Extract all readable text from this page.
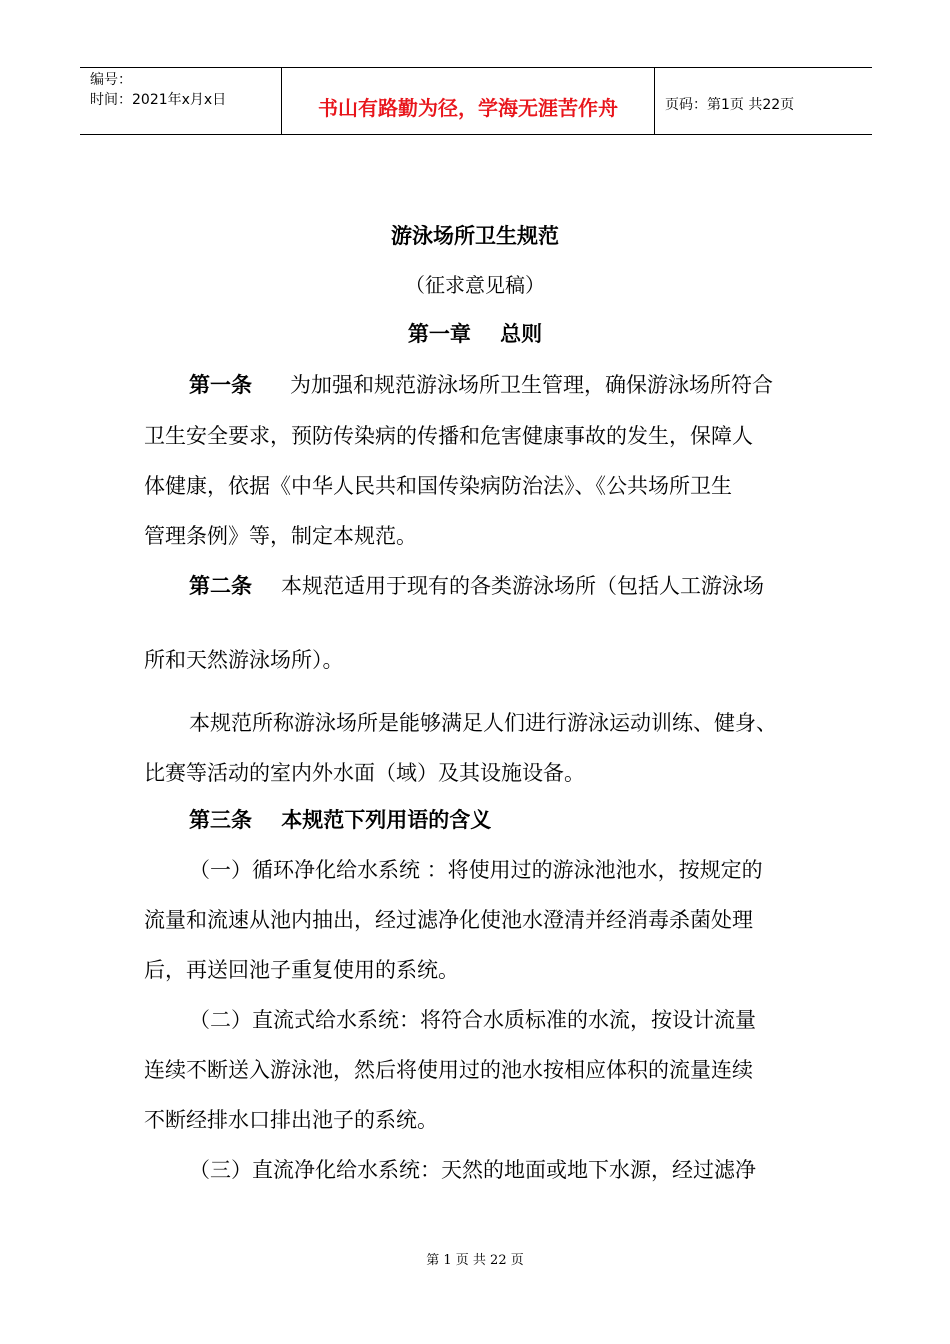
编号：
时间：2021年x月x日	书山有路勤为径，学海无涯苦作舟	页码：第1页 共22页
游泳场所卫生规范
（征求意见稿）
第一章    总则
第一条 为加强和规范游泳场所卫生管理，确保游泳场所符合
卫生安全要求，预防传染病的传播和危害健康事故的发生，保障人
体健康，依据《中华人民共和国传染病防治法》、《公共场所卫生
管理条例》等，制定本规范。
第二条 本规范适用于现有的各类游泳场所（包括人工游泳场
所和天然游泳场所）。
本规范所称游泳场所是能够满足人们进行游泳运动训练、健身、
比赛等活动的室内外水面（域）及其设施设备。
第三条    本规范下列用语的含义
（一）循环净化给水系统 ：将使用过的游泳池池水，按规定的
流量和流速从池内抽出，经过滤净化使池水澄清并经消毒杀菌处理
后，再送回池子重复使用的系统。
（二）直流式给水系统：将符合水质标准的水流，按设计流量
连续不断送入游泳池，然后将使用过的池水按相应体积的流量连续
不断经排水口排出池子的系统。
（三）直流净化给水系统：天然的地面或地下水源，经过滤净
第 1 页 共 22 页
